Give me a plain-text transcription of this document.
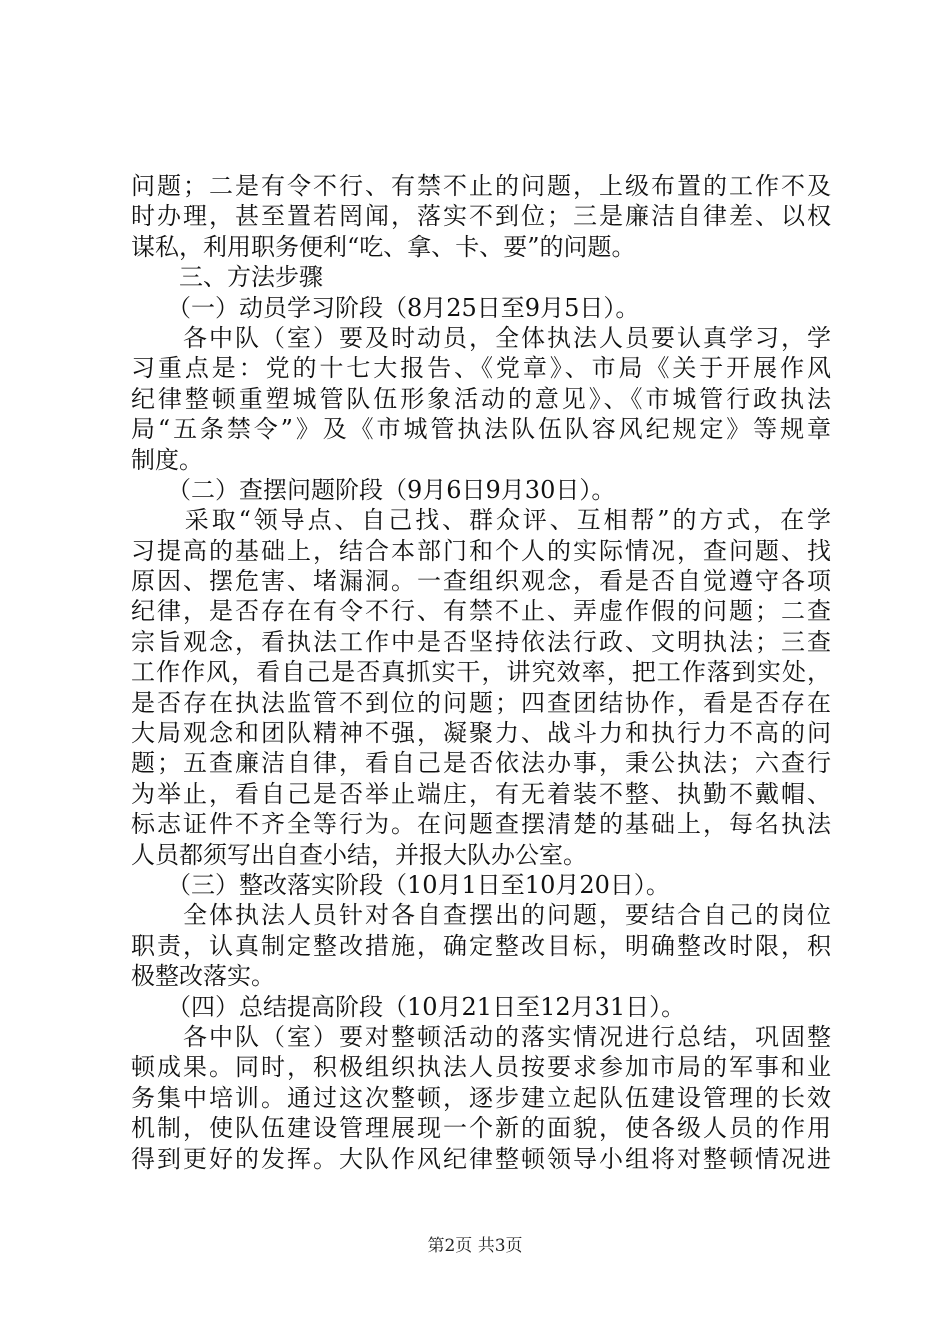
问题；二是有令不行、有禁不止的问题，上级布置的工作不及
时办理，甚至置若罔闻，落实不到位；三是廉洁自律差、以权
谋私，利用职务便利“吃、拿、卡、要”的问题。
　　三、方法步骤
　　（一）动员学习阶段（8月25日至9月5日）。
　　各中队（室）要及时动员，全体执法人员要认真学习，学
习重点是：党的十七大报告、《党章》、市局《关于开展作风
纪律整顿重塑城管队伍形象活动的意见》、《市城管行政执法
局“五条禁令”》及《市城管执法队伍队容风纪规定》等规章
制度。
　　（二）查摆问题阶段（9月6日9月30日）。
　　采取“领导点、自己找、群众评、互相帮”的方式，在学
习提高的基础上，结合本部门和个人的实际情况，查问题、找
原因、摆危害、堵漏洞。一查组织观念，看是否自觉遵守各项
纪律，是否存在有令不行、有禁不止、弄虚作假的问题；二查
宗旨观念，看执法工作中是否坚持依法行政、文明执法；三查
工作作风，看自己是否真抓实干，讲究效率，把工作落到实处，
是否存在执法监管不到位的问题；四查团结协作，看是否存在
大局观念和团队精神不强，凝聚力、战斗力和执行力不高的问
题；五查廉洁自律，看自己是否依法办事，秉公执法；六查行
为举止，看自己是否举止端庄，有无着装不整、执勤不戴帽、
标志证件不齐全等行为。在问题查摆清楚的基础上，每名执法
人员都须写出自查小结，并报大队办公室。
　　（三）整改落实阶段（10月1日至10月20日）。
　　全体执法人员针对各自查摆出的问题，要结合自己的岗位
职责，认真制定整改措施，确定整改目标，明确整改时限，积
极整改落实。
　　（四）总结提高阶段（10月21日至12月31日）。
　　各中队（室）要对整顿活动的落实情况进行总结，巩固整
顿成果。同时，积极组织执法人员按要求参加市局的军事和业
务集中培训。通过这次整顿，逐步建立起队伍建设管理的长效
机制，使队伍建设管理展现一个新的面貌，使各级人员的作用
得到更好的发挥。大队作风纪律整顿领导小组将对整顿情况进
第2页 共3页
